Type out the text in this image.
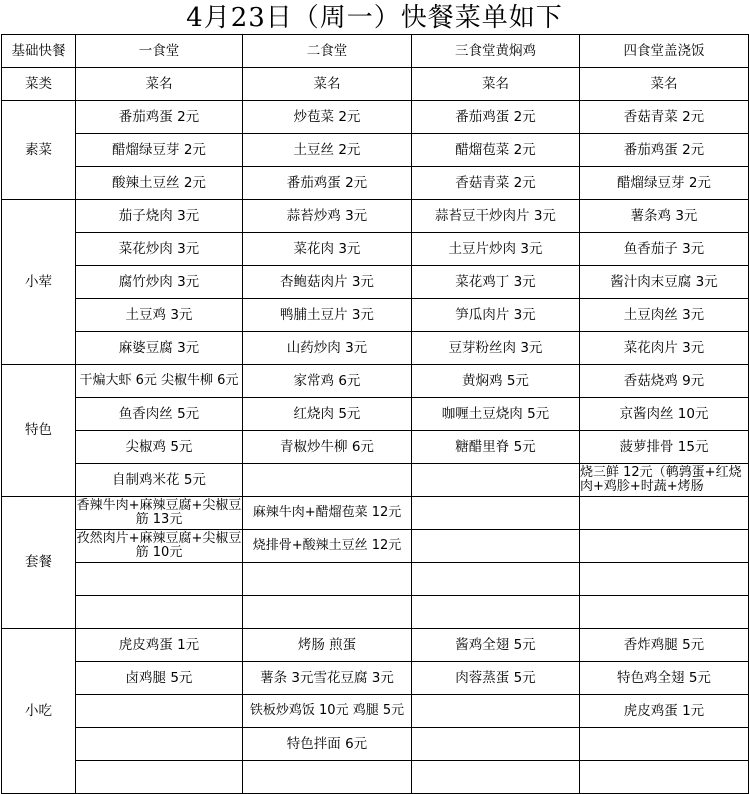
4月23日（周一）快餐菜单如下
基础快餐	一食堂	二食堂	三食堂黄焖鸡	四食堂盖浇饭
菜类	菜名	菜名	菜名	菜名
素菜	番茄鸡蛋 2元	炒苞菜 2元	番茄鸡蛋 2元	香菇青菜 2元
	醋熘绿豆芽 2元	土豆丝 2元	醋熘苞菜 2元	番茄鸡蛋 2元
	酸辣土豆丝 2元	番茄鸡蛋 2元	香菇青菜 2元	醋熘绿豆芽 2元
小荤	茄子烧肉 3元	蒜苔炒鸡 3元	蒜苔豆干炒肉片 3元	薯条鸡 3元
	菜花炒肉 3元	菜花肉 3元	土豆片炒肉 3元	鱼香茄子 3元
	腐竹炒肉 3元	杏鲍菇肉片 3元	菜花鸡丁 3元	酱汁肉末豆腐 3元
	土豆鸡 3元	鸭脯土豆片 3元	笋瓜肉片 3元	土豆肉丝 3元
	麻婆豆腐 3元	山药炒肉 3元	豆芽粉丝肉 3元	菜花肉片 3元
特色	干煸大虾 6元 尖椒牛柳 6元	家常鸡 6元	黄焖鸡 5元	香菇烧鸡 9元
	鱼香肉丝 5元	红烧肉 5元	咖喱土豆烧肉 5元	京酱肉丝 10元
	尖椒鸡 5元	青椒炒牛柳 6元	糖醋里脊 5元	菠萝排骨 15元
	自制鸡米花 5元			烧三鲜 12元（鹌鹑蛋+红烧肉+鸡胗+时蔬+烤肠
套餐	香辣牛肉+麻辣豆腐+尖椒豆筋 13元	麻辣牛肉+醋熘苞菜 12元		
	孜然肉片+麻辣豆腐+尖椒豆筋 10元	烧排骨+酸辣土豆丝 12元		

小吃	虎皮鸡蛋 1元	烤肠 煎蛋	酱鸡全翅 5元	香炸鸡腿 5元
	卤鸡腿 5元	薯条 3元雪花豆腐 3元	肉蓉蒸蛋 5元	特色鸡全翅 5元
		铁板炒鸡饭 10元 鸡腿 5元		虎皮鸡蛋 1元
		特色拌面 6元		
